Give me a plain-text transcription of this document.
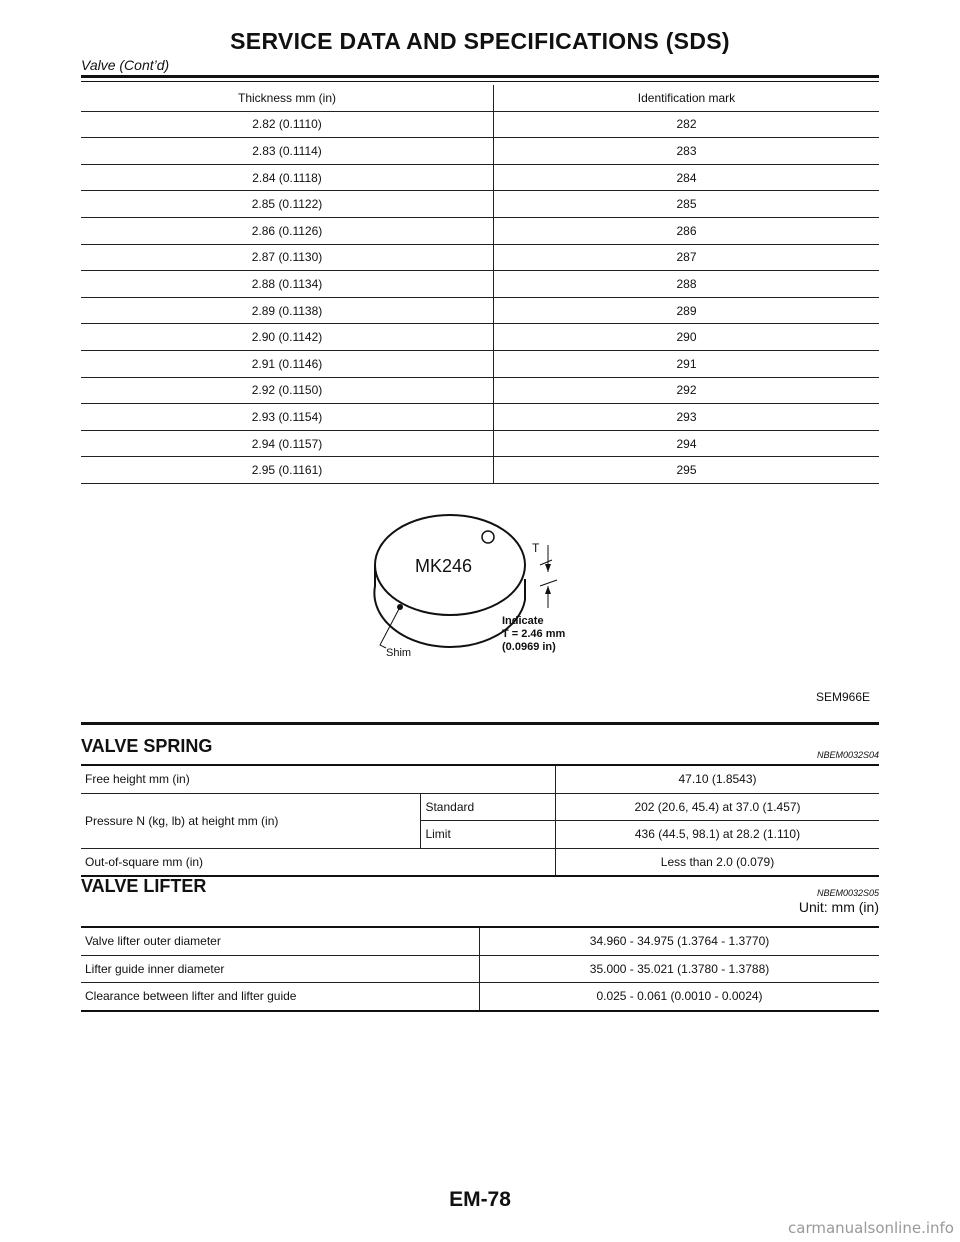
SERVICE DATA AND SPECIFICATIONS (SDS)
Valve (Cont’d)
Thickness mm (in)	Identification mark
2.82 (0.1110)	282
2.83 (0.1114)	283
2.84 (0.1118)	284
2.85 (0.1122)	285
2.86 (0.1126)	286
2.87 (0.1130)	287
2.88 (0.1134)	288
2.89 (0.1138)	289
2.90 (0.1142)	290
2.91 (0.1146)	291
2.92 (0.1150)	292
2.93 (0.1154)	293
2.94 (0.1157)	294
2.95 (0.1161)	295
MK246
Shim
T
Indicate
T = 2.46 mm
(0.0969 in)
SEM966E
VALVE SPRING	NBEM0032S04
Free height mm (in)		47.10 (1.8543)
Pressure N (kg, lb) at height mm (in)	Standard	202 (20.6, 45.4) at 37.0 (1.457)
	Limit	436 (44.5, 98.1) at 28.2 (1.110)
Out-of-square mm (in)		Less than 2.0 (0.079)
VALVE LIFTER	NBEM0032S05
Unit: mm (in)
Valve lifter outer diameter	34.960 - 34.975 (1.3764 - 1.3770)
Lifter guide inner diameter	35.000 - 35.021 (1.3780 - 1.3788)
Clearance between lifter and lifter guide	0.025 - 0.061 (0.0010 - 0.0024)
EM-78
carmanualsonline.info
